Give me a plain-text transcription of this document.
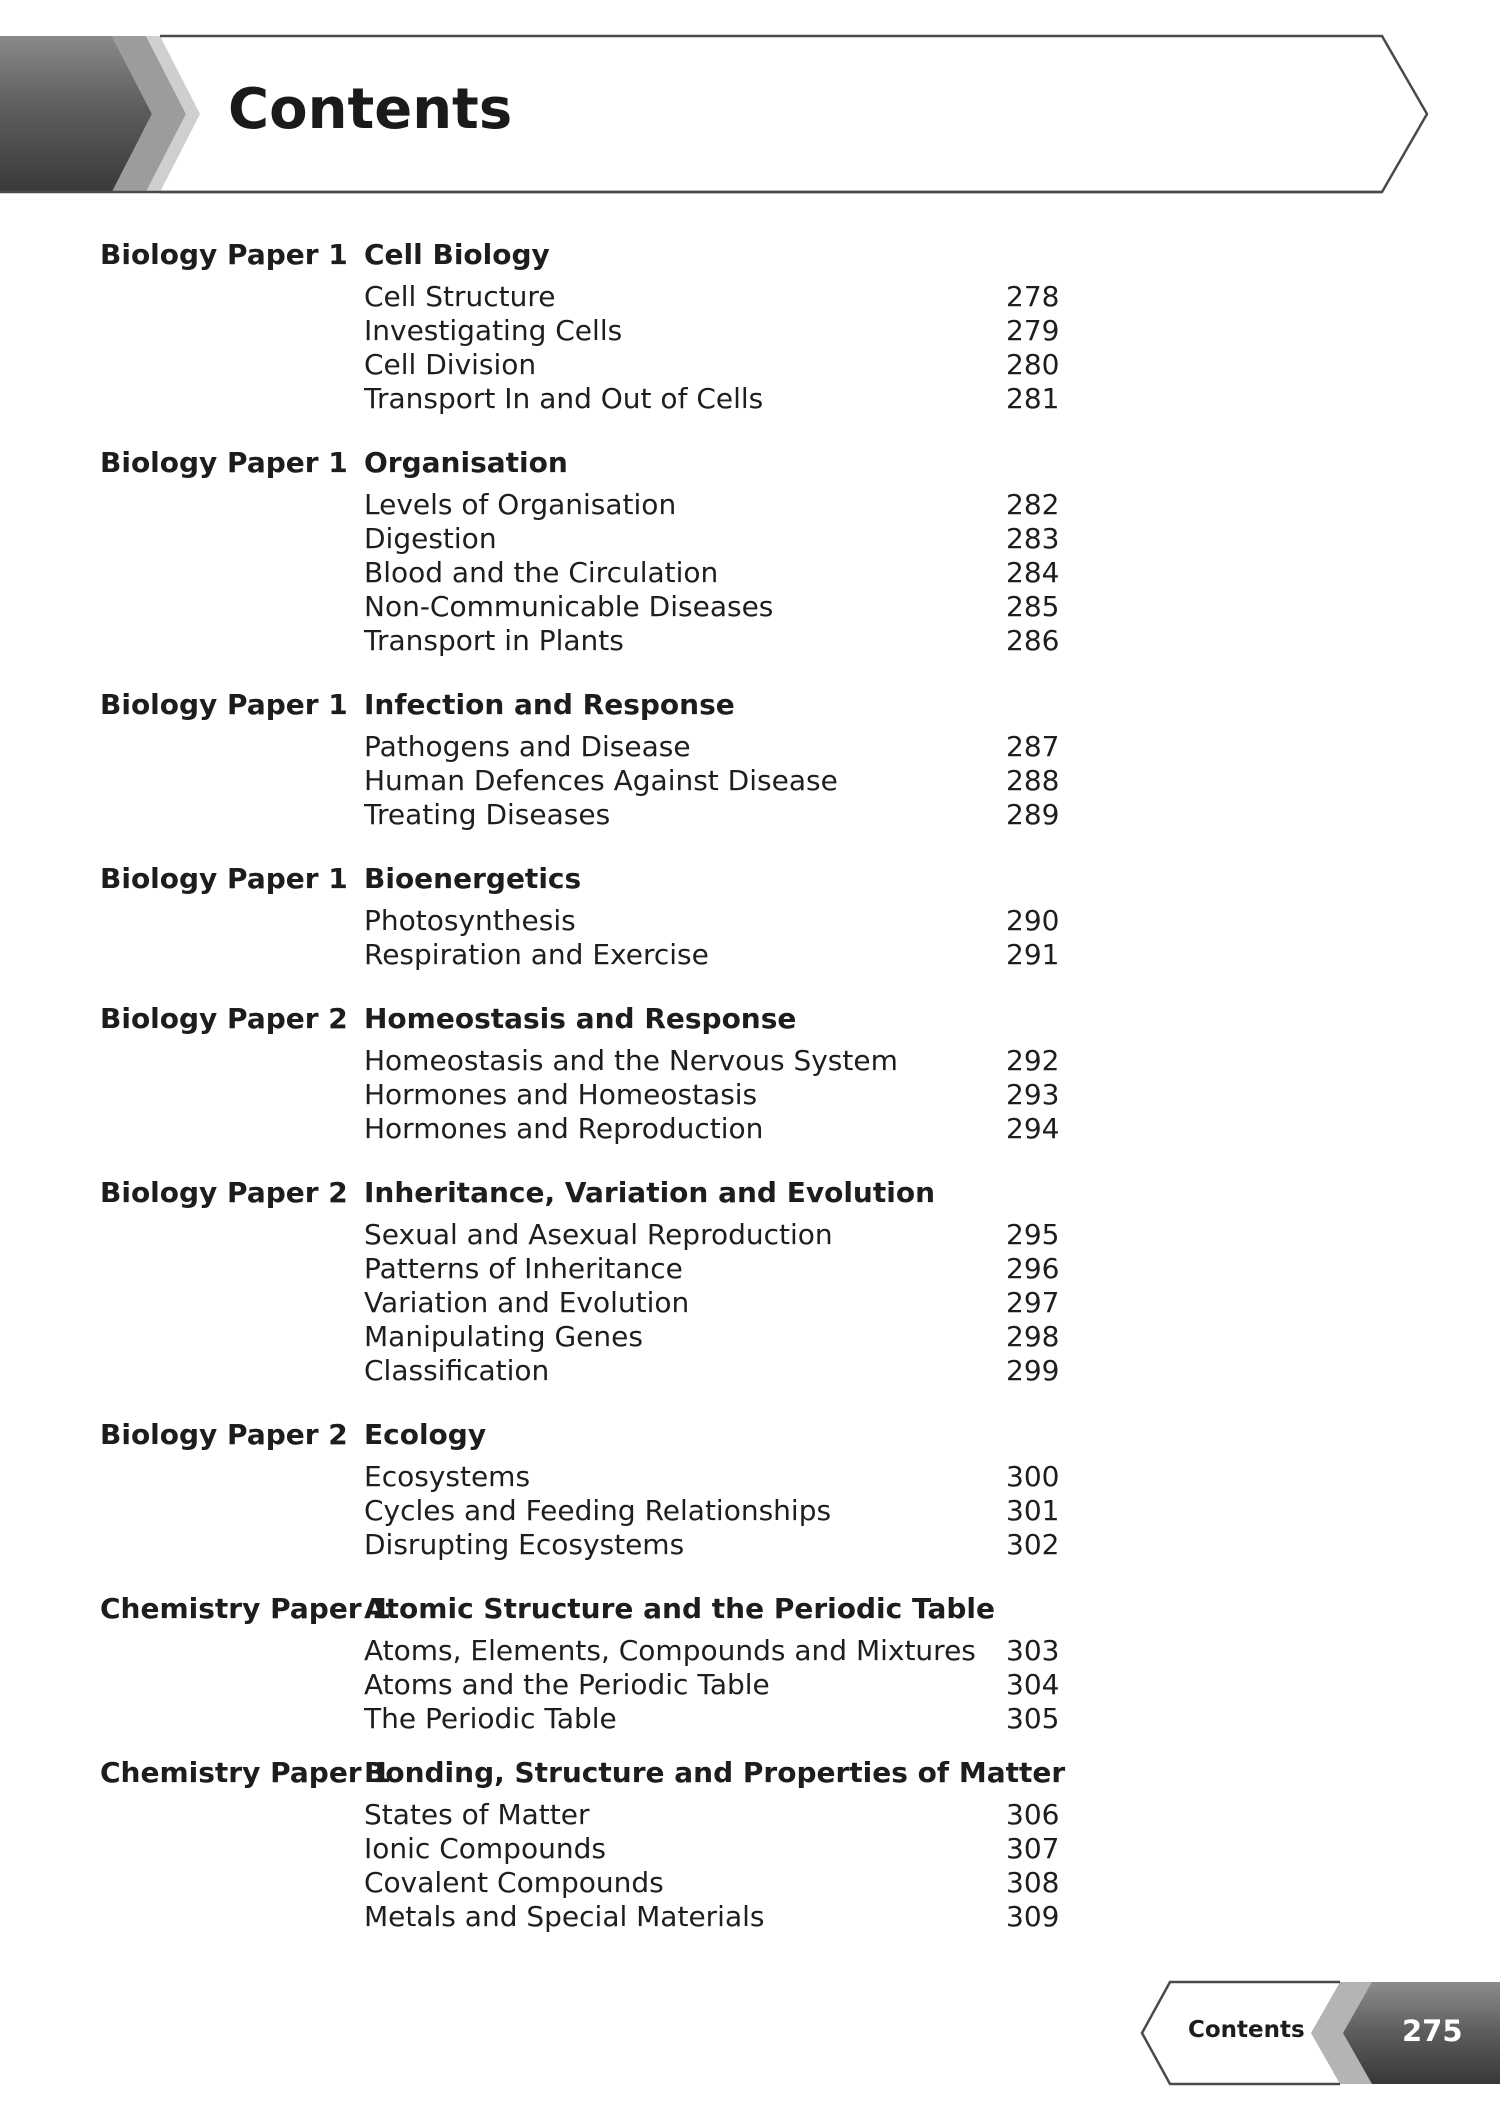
Contents
Biology Paper 1 Cell Biology
Cell Structure	278
Investigating Cells	279
Cell Division	280
Transport In and Out of Cells	281
Biology Paper 1 Organisation
Levels of Organisation	282
Digestion	283
Blood and the Circulation	284
Non-Communicable Diseases	285
Transport in Plants	286
Biology Paper 1 Infection and Response
Pathogens and Disease	287
Human Defences Against Disease	288
Treating Diseases	289
Biology Paper 1 Bioenergetics
Photosynthesis	290
Respiration and Exercise	291
Biology Paper 2 Homeostasis and Response
Homeostasis and the Nervous System	292
Hormones and Homeostasis	293
Hormones and Reproduction	294
Biology Paper 2 Inheritance, Variation and Evolution
Sexual and Asexual Reproduction	295
Patterns of Inheritance	296
Variation and Evolution	297
Manipulating Genes	298
Classification	299
Biology Paper 2 Ecology
Ecosystems	300
Cycles and Feeding Relationships	301
Disrupting Ecosystems	302
Chemistry Paper 1
Atomic Structure and the Periodic Table
Atoms, Elements, Compounds and Mixtures 303
Atoms and the Periodic Table	304
The Periodic Table	305
Chemistry Paper 1
Bonding, Structure and Properties of Matter
States of Matter	306
Ionic Compounds	307
Covalent Compounds	308
Metals and Special Materials	309
Contents	275
